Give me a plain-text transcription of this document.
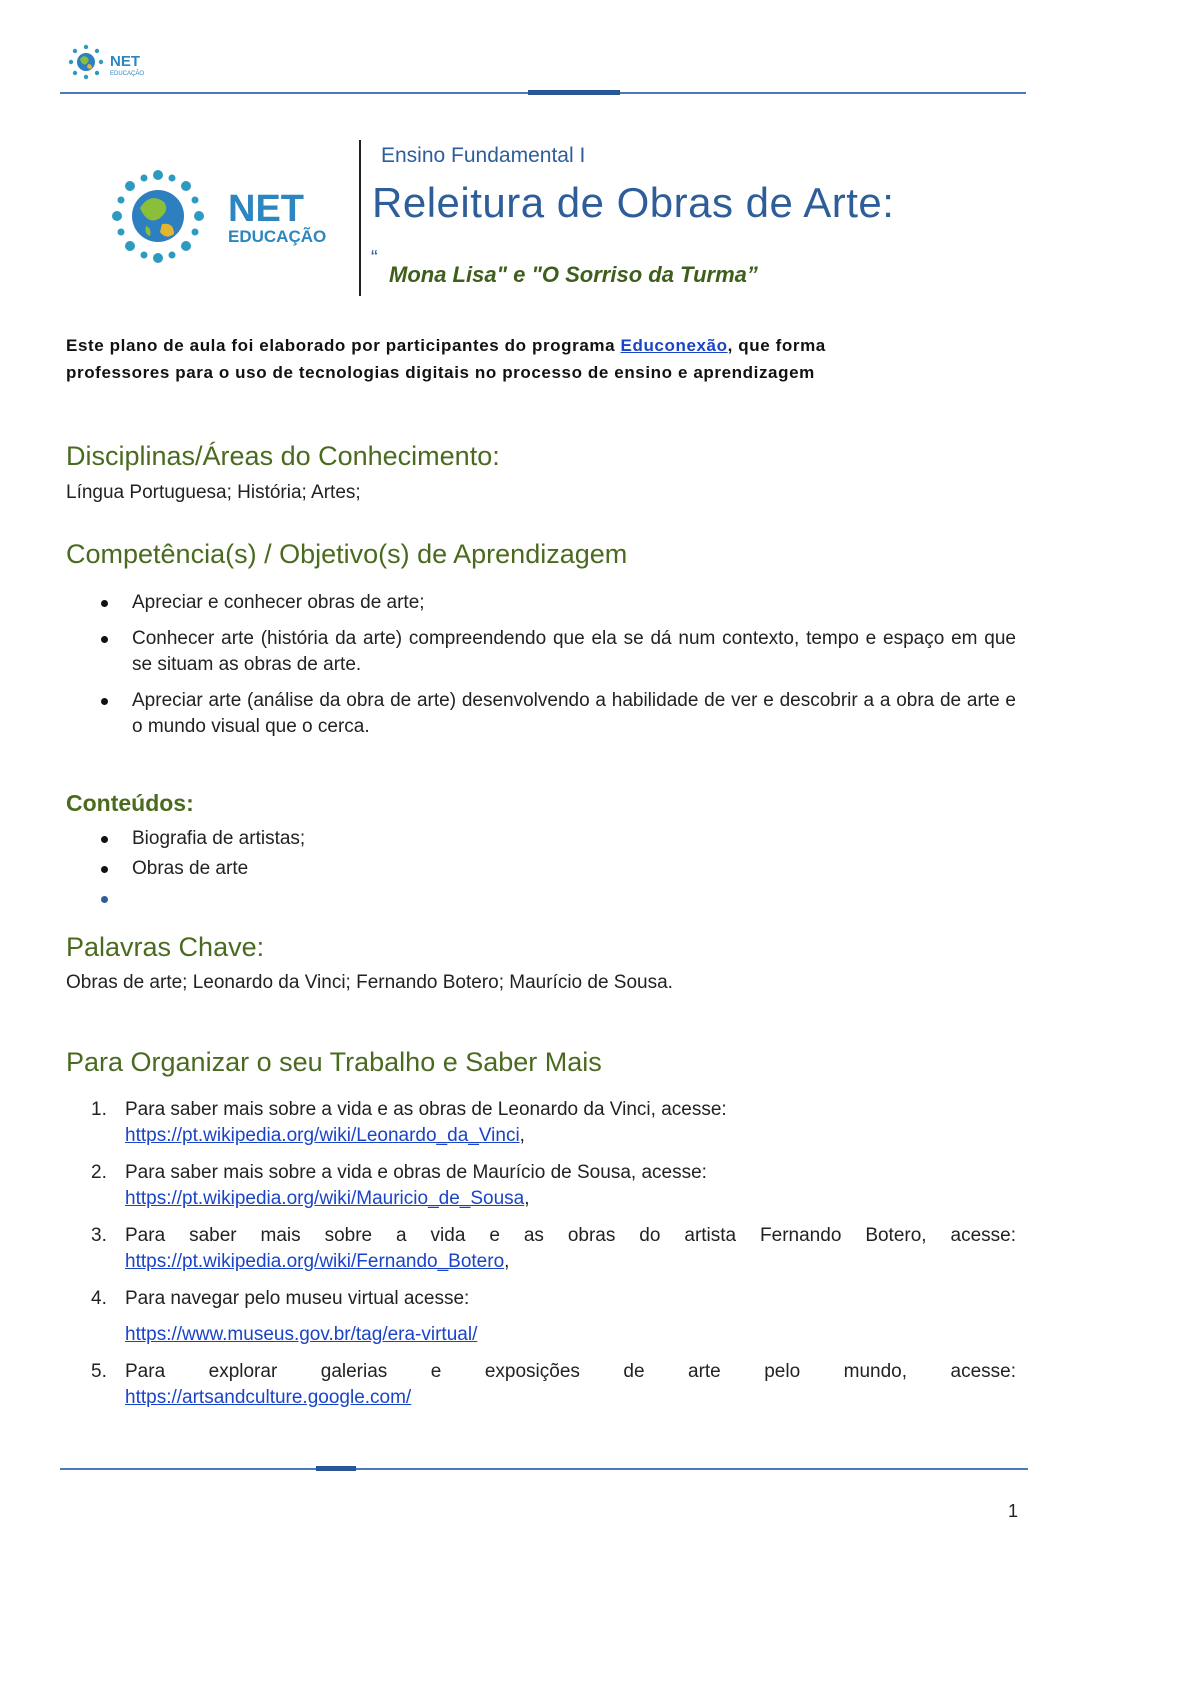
NET
EDUCAÇÃO
NET
EDUCAÇÃO
Ensino Fundamental I
Releitura de Obras de Arte:
“
Mona Lisa" e "O Sorriso da Turma”
Este plano de aula foi elaborado por participantes do programa Educonexão, que forma
professores para o uso de tecnologias digitais no processo de ensino e aprendizagem
Disciplinas/Áreas do Conhecimento:
Língua Portuguesa; História; Artes;
Competência(s) / Objetivo(s) de Aprendizagem
Apreciar e conhecer obras de arte;
Conhecer arte (história da arte) compreendendo que ela se dá num contexto, tempo e espaço em que se situam as obras de arte.
Apreciar arte (análise da obra de arte) desenvolvendo a habilidade de ver e descobrir a a obra de arte e o mundo visual que o cerca.
Conteúdos:
Biografia de artistas;
Obras de arte

Palavras Chave:
Obras de arte; Leonardo da Vinci; Fernando Botero; Maurício de Sousa.
Para Organizar o seu Trabalho e Saber Mais
1. Para saber mais sobre a vida e as obras de Leonardo da Vinci, acesse:
https://pt.wikipedia.org/wiki/Leonardo_da_Vinci,
2. Para saber mais sobre a vida e obras de Maurício de Sousa, acesse:
https://pt.wikipedia.org/wiki/Mauricio_de_Sousa,
3. Para saber mais sobre a vida e as obras do artista Fernando Botero, acesse:
https://pt.wikipedia.org/wiki/Fernando_Botero,
4. Para navegar pelo museu virtual acesse:
https://www.museus.gov.br/tag/era-virtual/
5. Para explorar galerias e exposições de arte pelo mundo, acesse:
https://artsandculture.google.com/
1
